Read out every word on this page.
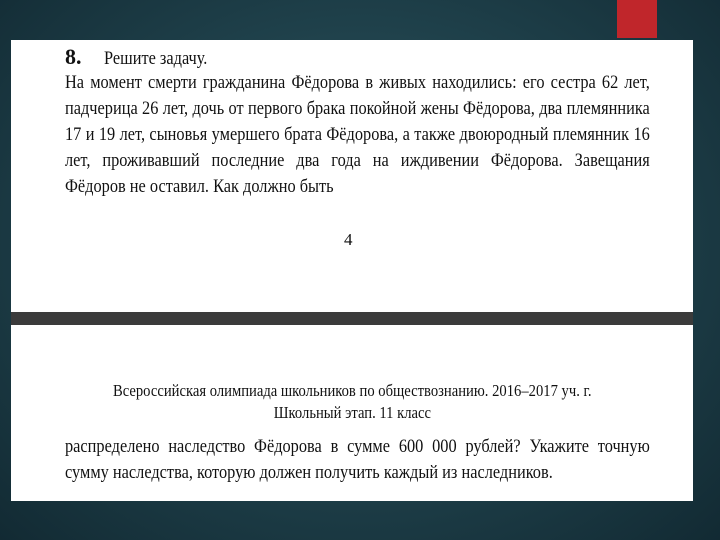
8. Решите задачу.
На момент смерти гражданина Фёдорова в живых находились: его сестра 62 лет, падчерица 26 лет, дочь от первого брака покойной жены Фёдорова, два племянника 17 и 19 лет, сыновья умершего брата Фёдорова, а также двоюродный племянник 16 лет, проживавший последние два года на иждивении Фёдорова. Завещания Фёдоров не оставил. Как должно быть
4
Всероссийская олимпиада школьников по обществознанию. 2016–2017 уч. г.
Школьный этап. 11 класс
распределено наследство Фёдорова в сумме 600 000 рублей? Укажите точную сумму наследства, которую должен получить каждый из наследников.
